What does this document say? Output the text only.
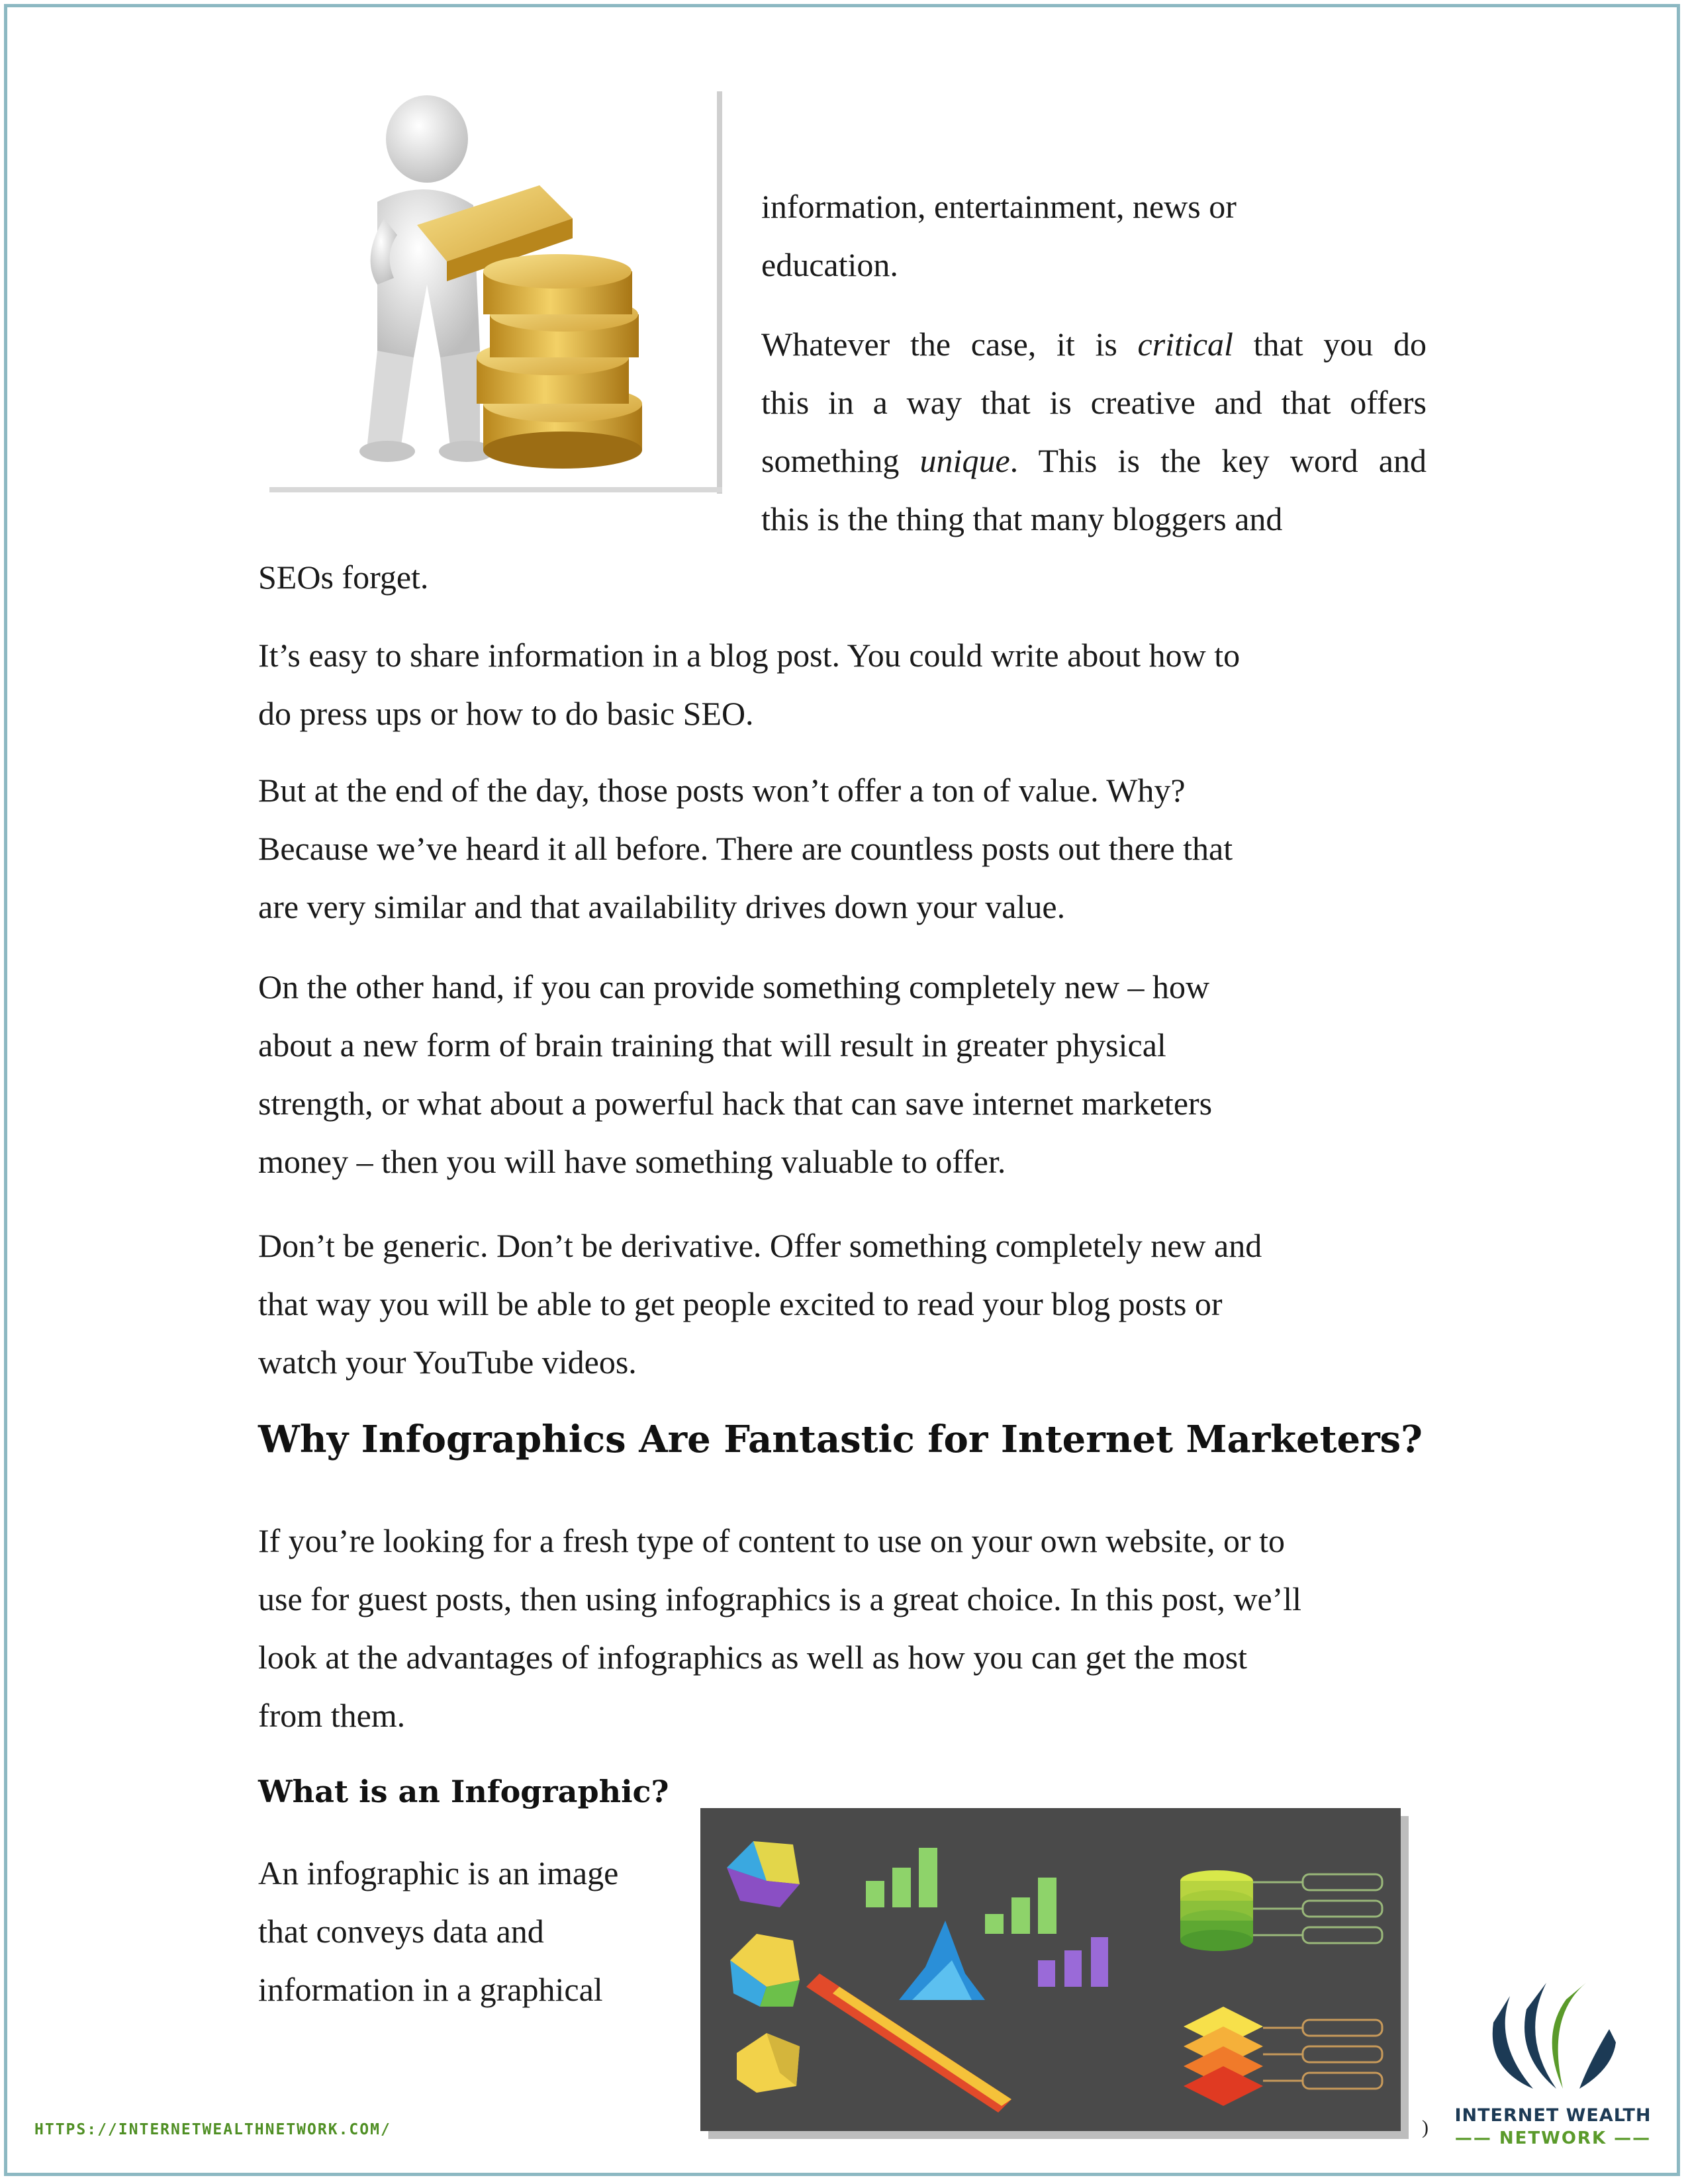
information, entertainment, news or
education.
Whatever the case, it is critical that you do
this in a way that is creative and that offers
something unique. This is the key word and
this is the thing that many bloggers and
SEOs forget.
It’s easy to share information in a blog post. You could write about how to
do press ups or how to do basic SEO.
But at the end of the day, those posts won’t offer a ton of value. Why?
Because we’ve heard it all before. There are countless posts out there that
are very similar and that availability drives down your value.
On the other hand, if you can provide something completely new – how
about a new form of brain training that will result in greater physical
strength, or what about a powerful hack that can save internet marketers
money – then you will have something valuable to offer.
Don’t be generic. Don’t be derivative. Offer something completely new and
that way you will be able to get people excited to read your blog posts or
watch your YouTube videos.
Why Infographics Are Fantastic for Internet Marketers?
If you’re looking for a fresh type of content to use on your own website, or to
use for guest posts, then using infographics is a great choice. In this post, we’ll
look at the advantages of infographics as well as how you can get the most
from them.
What is an Infographic?
An infographic is an image
that conveys data and
information in a graphical
HTTPS://INTERNETWEALTHNETWORK.COM/	)
INTERNET WEALTH
—— NETWORK ——
